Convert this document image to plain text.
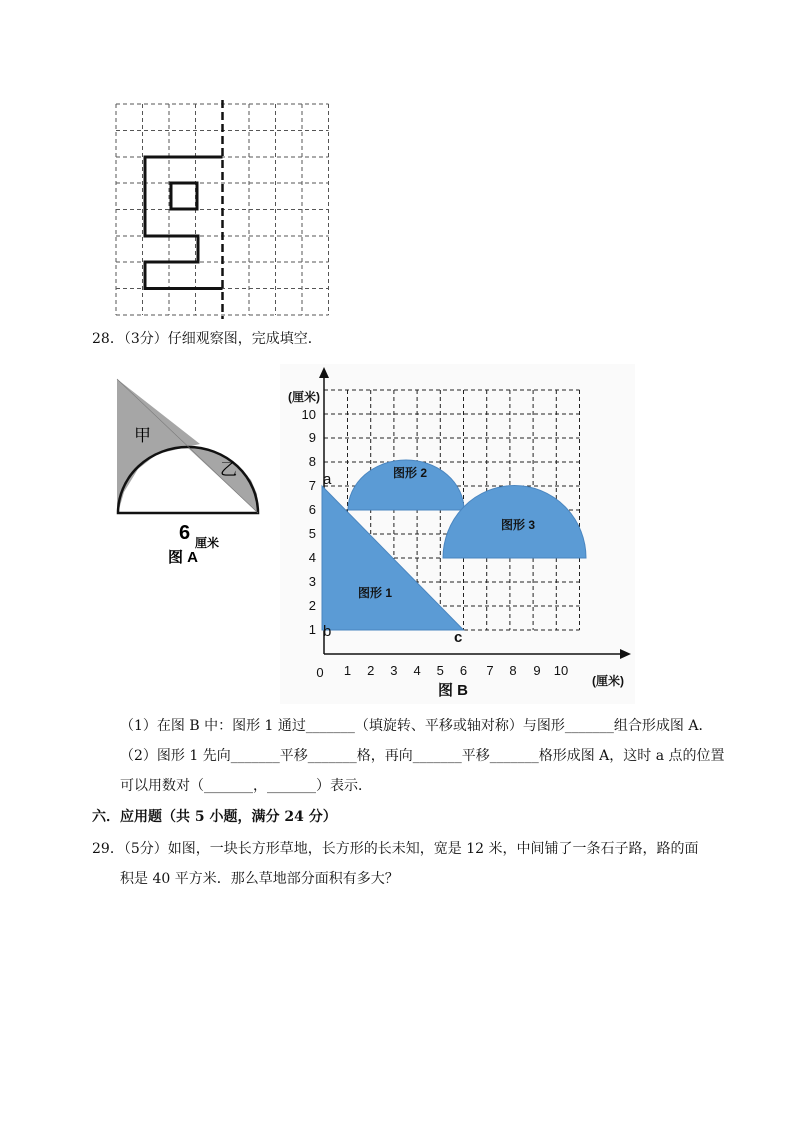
28．（3分）仔细观察图，完成填空．
甲
乙
6 厘米
图 A
1
2
3
4
5
6
7
8
9
10
0 1 2 3 4 5 6 7 8 9 10
(厘米)
(厘米)
a
b	c
图形 1
图形 2
图形 3
图 B
（1）在图 B 中：图形 1 通过_______（填旋转、平移或轴对称）与图形_______组合形成图 A．
（2）图形 1 先向_______平移_______格，再向_______平移_______格形成图 A，这时 a 点的位置
可以用数对（_______，_______）表示．
六．应用题（共 5 小题，满分 24 分）
29．（5分）如图，一块长方形草地，长方形的长未知，宽是 12 米，中间铺了一条石子路，路的面
积是 40 平方米．那么草地部分面积有多大？
